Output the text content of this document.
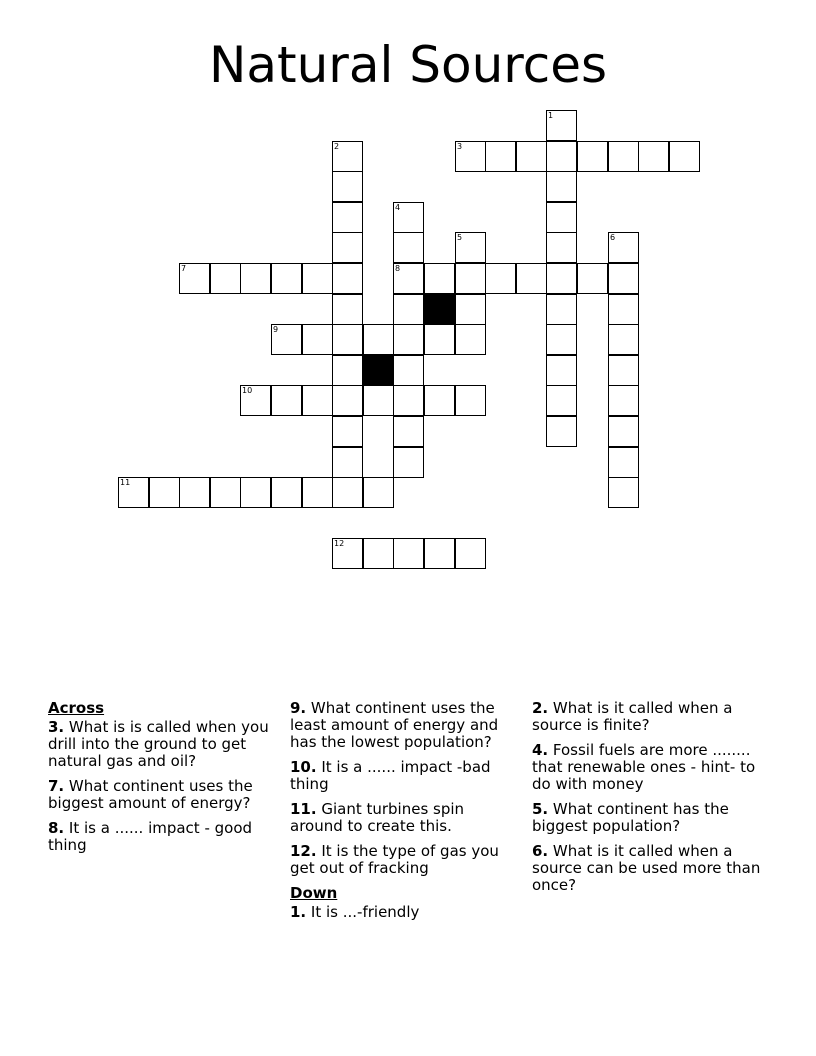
Natural Sources
1
3
2
4
5	6
7	8
9
10
11
12
Across
3. What is is called when you drill into the ground to get natural gas and oil?
7. What continent uses the biggest amount of energy?
8. It is a ...... impact - good thing
9. What continent uses the least amount of energy and has the lowest population?
10. It is a ...... impact -bad thing
11. Giant turbines spin around to create this.
12. It is the type of gas you get out of fracking
Down
1. It is ...-friendly
2. What is it called when a source is finite?
4. Fossil fuels are more ........ that renewable ones - hint- to do with money
5. What continent has the biggest population?
6. What is it called when a source can be used more than once?
